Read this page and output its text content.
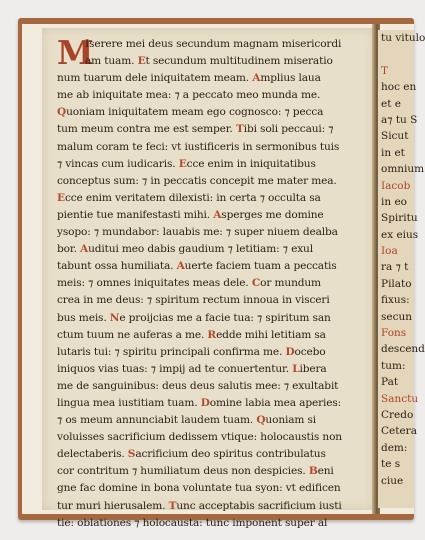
tu vitulo
T
hoc en
et e
a⁊ tu S
Sicut
in et
omnium
Iacob
in eo
Spiritu
ex eius
Ioa
ra ⁊ t
Pilato
fixus:
secun
Fons
descend
tum:
Pat
Sanctu
Credo
Cetera
dem:
te s
ciue
M
Iserere mei deus secundum magnam misericordi
am tuam. Et secundum multitudinem miseratio
num tuarum dele iniquitatem meam. Amplius laua
me ab iniquitate mea: ⁊ a peccato meo munda me.
Quoniam iniquitatem meam ego cognosco: ⁊ pecca
tum meum contra me est semper. Tibi soli peccaui: ⁊
malum coram te feci: vt iustificeris in sermonibus tuis
⁊ vincas cum iudicaris. Ecce enim in iniquitatibus
conceptus sum: ⁊ in peccatis concepit me mater mea.
Ecce enim veritatem dilexisti: in certa ⁊ occulta sa
pientie tue manifestasti mihi. Asperges me domine
ysopo: ⁊ mundabor: lauabis me: ⁊ super niuem dealba
bor. Auditui meo dabis gaudium ⁊ letitiam: ⁊ exul
tabunt ossa humiliata. Auerte faciem tuam a peccatis
meis: ⁊ omnes iniquitates meas dele. Cor mundum
crea in me deus: ⁊ spiritum rectum innoua in visceri
bus meis. Ne proijcias me a facie tua: ⁊ spiritum san
ctum tuum ne auferas a me. Redde mihi letitiam sa
lutaris tui: ⁊ spiritu principali confirma me. Docebo
iniquos vias tuas: ⁊ impij ad te conuertentur. Libera
me de sanguinibus: deus deus salutis mee: ⁊ exultabit
lingua mea iustitiam tuam. Domine labia mea aperies:
⁊ os meum annunciabit laudem tuam. Quoniam si
voluisses sacrificium dedissem vtique: holocaustis non
delectaberis. Sacrificium deo spiritus contribulatus
cor contritum ⁊ humiliatum deus non despicies. Beni
gne fac domine in bona voluntate tua syon: vt edificen
tur muri hierusalem. Tunc acceptabis sacrificium iusti
tie: oblationes ⁊ holocausta: tunc imponent super al
